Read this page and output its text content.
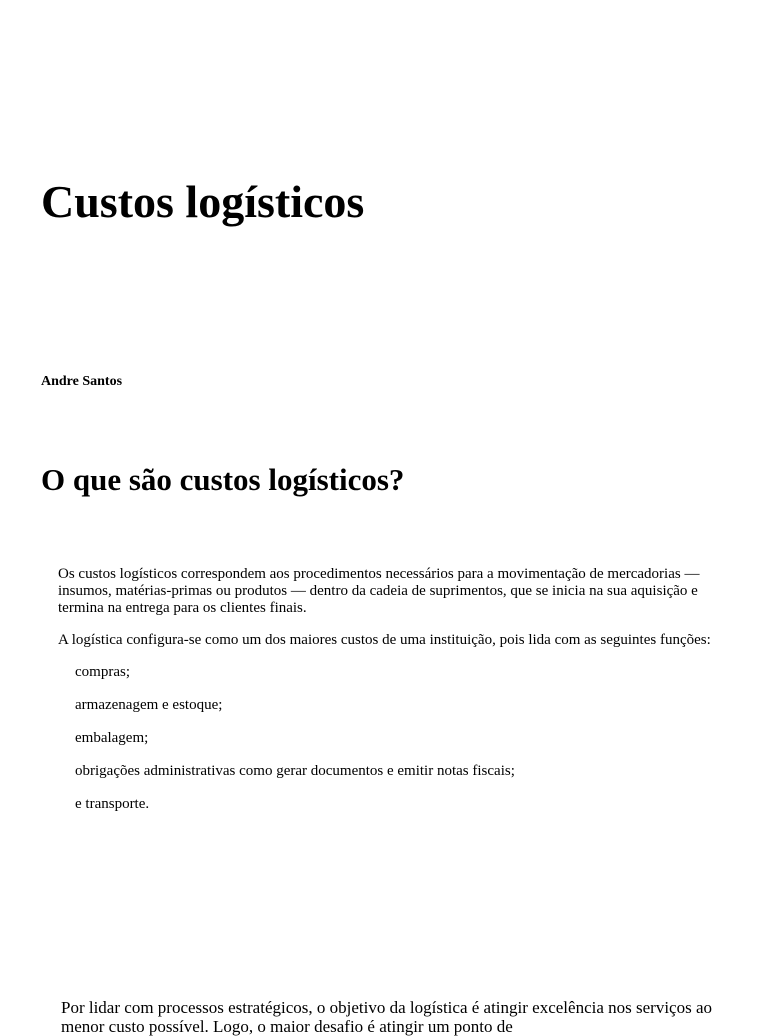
Custos logísticos

Andre Santos

O que são custos logísticos?

Os custos logísticos correspondem aos procedimentos necessários para a movimentação de mercadorias — insumos, matérias-primas ou produtos — dentro da cadeia de suprimentos, que se inicia na sua aquisição e termina na entrega para os clientes finais.

A logística configura-se como um dos maiores custos de uma instituição, pois lida com as seguintes funções:

compras;
armazenagem e estoque;
embalagem;
obrigações administrativas como gerar documentos e emitir notas fiscais;
e transporte.

Por lidar com processos estratégicos, o objetivo da logística é atingir excelência nos serviços ao menor custo possível. Logo, o maior desafio é atingir um ponto de
